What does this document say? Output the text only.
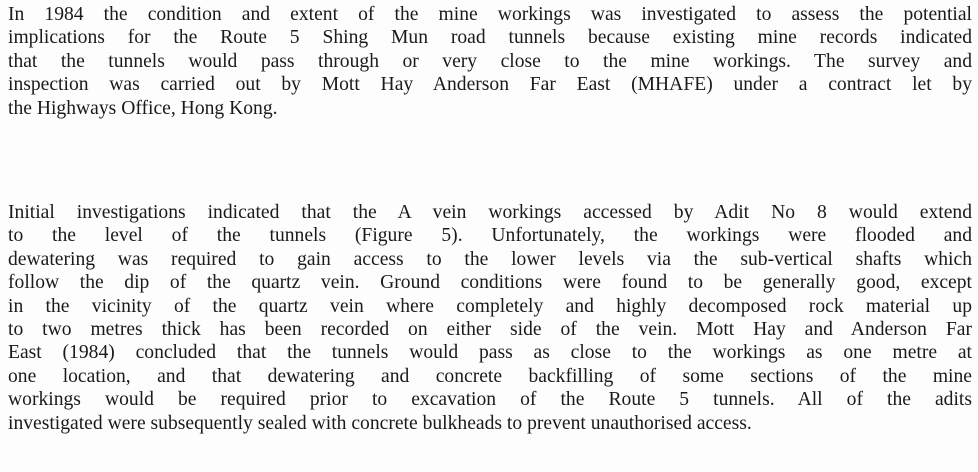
In 1984 the condition and extent of the mine workings was investigated to assess the potential
implications for the Route 5 Shing Mun road tunnels because existing mine records indicated
that the tunnels would pass through or very close to the mine workings. The survey and
inspection was carried out by Mott Hay Anderson Far East (MHAFE) under a contract let by
the Highways Office, Hong Kong.

Initial investigations indicated that the A vein workings accessed by Adit No 8 would extend
to the level of the tunnels (Figure 5). Unfortunately, the workings were flooded and
dewatering was required to gain access to the lower levels via the sub-vertical shafts which
follow the dip of the quartz vein. Ground conditions were found to be generally good, except
in the vicinity of the quartz vein where completely and highly decomposed rock material up
to two metres thick has been recorded on either side of the vein. Mott Hay and Anderson Far
East (1984) concluded that the tunnels would pass as close to the workings as one metre at
one location, and that dewatering and concrete backfilling of some sections of the mine
workings would be required prior to excavation of the Route 5 tunnels. All of the adits
investigated were subsequently sealed with concrete bulkheads to prevent unauthorised access.
